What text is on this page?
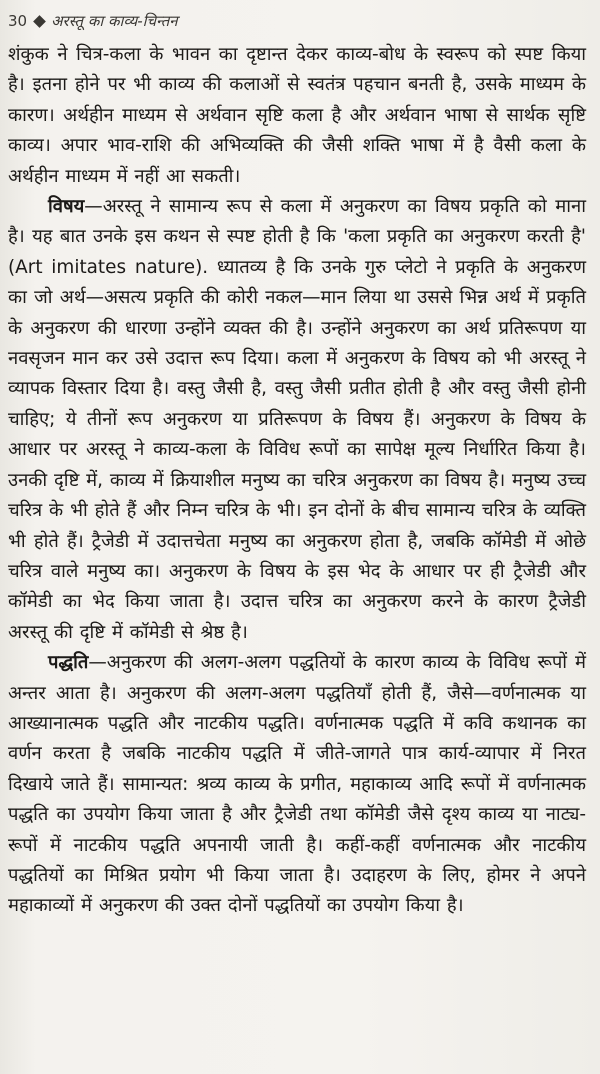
30 अरस्तू का काव्य-चिन्तन

शंकुक ने चित्र-कला के भावन का दृष्टान्त देकर काव्य-बोध के स्वरूप को स्पष्ट किया है। इतना होने पर भी काव्य की कलाओं से स्वतंत्र पहचान बनती है, उसके माध्यम के कारण। अर्थहीन माध्यम से अर्थवान सृष्टि कला है और अर्थवान भाषा से सार्थक सृष्टि काव्य। अपार भाव-राशि की अभिव्यक्ति की जैसी शक्ति भाषा में है वैसी कला के अर्थहीन माध्यम में नहीं आ सकती।

विषय—अरस्तू ने सामान्य रूप से कला में अनुकरण का विषय प्रकृति को माना है। यह बात उनके इस कथन से स्पष्ट होती है कि 'कला प्रकृति का अनुकरण करती है' (Art imitates nature). ध्यातव्य है कि उनके गुरु प्लेटो ने प्रकृति के अनुकरण का जो अर्थ—असत्य प्रकृति की कोरी नकल—मान लिया था उससे भिन्न अर्थ में प्रकृति के अनुकरण की धारणा उन्होंने व्यक्त की है। उन्होंने अनुकरण का अर्थ प्रतिरूपण या नवसृजन मान कर उसे उदात्त रूप दिया। कला में अनुकरण के विषय को भी अरस्तू ने व्यापक विस्तार दिया है। वस्तु जैसी है, वस्तु जैसी प्रतीत होती है और वस्तु जैसी होनी चाहिए; ये तीनों रूप अनुकरण या प्रतिरूपण के विषय हैं। अनुकरण के विषय के आधार पर अरस्तू ने काव्य-कला के विविध रूपों का सापेक्ष मूल्य निर्धारित किया है। उनकी दृष्टि में, काव्य में क्रियाशील मनुष्य का चरित्र अनुकरण का विषय है। मनुष्य उच्च चरित्र के भी होते हैं और निम्न चरित्र के भी। इन दोनों के बीच सामान्य चरित्र के व्यक्ति भी होते हैं। ट्रैजेडी में उदात्तचेता मनुष्य का अनुकरण होता है, जबकि कॉमेडी में ओछे चरित्र वाले मनुष्य का। अनुकरण के विषय के इस भेद के आधार पर ही ट्रैजेडी और कॉमेडी का भेद किया जाता है। उदात्त चरित्र का अनुकरण करने के कारण ट्रैजेडी अरस्तू की दृष्टि में कॉमेडी से श्रेष्ठ है।

पद्धति—अनुकरण की अलग-अलग पद्धतियों के कारण काव्य के विविध रूपों में अन्तर आता है। अनुकरण की अलग-अलग पद्धतियाँ होती हैं, जैसे—वर्णनात्मक या आख्यानात्मक पद्धति और नाटकीय पद्धति। वर्णनात्मक पद्धति में कवि कथानक का वर्णन करता है जबकि नाटकीय पद्धति में जीते-जागते पात्र कार्य-व्यापार में निरत दिखाये जाते हैं। सामान्यत: श्रव्य काव्य के प्रगीत, महाकाव्य आदि रूपों में वर्णनात्मक पद्धति का उपयोग किया जाता है और ट्रैजेडी तथा कॉमेडी जैसे दृश्य काव्य या नाट्य-रूपों में नाटकीय पद्धति अपनायी जाती है। कहीं-कहीं वर्णनात्मक और नाटकीय पद्धतियों का मिश्रित प्रयोग भी किया जाता है। उदाहरण के लिए, होमर ने अपने महाकाव्यों में अनुकरण की उक्त दोनों पद्धतियों का उपयोग किया है।
